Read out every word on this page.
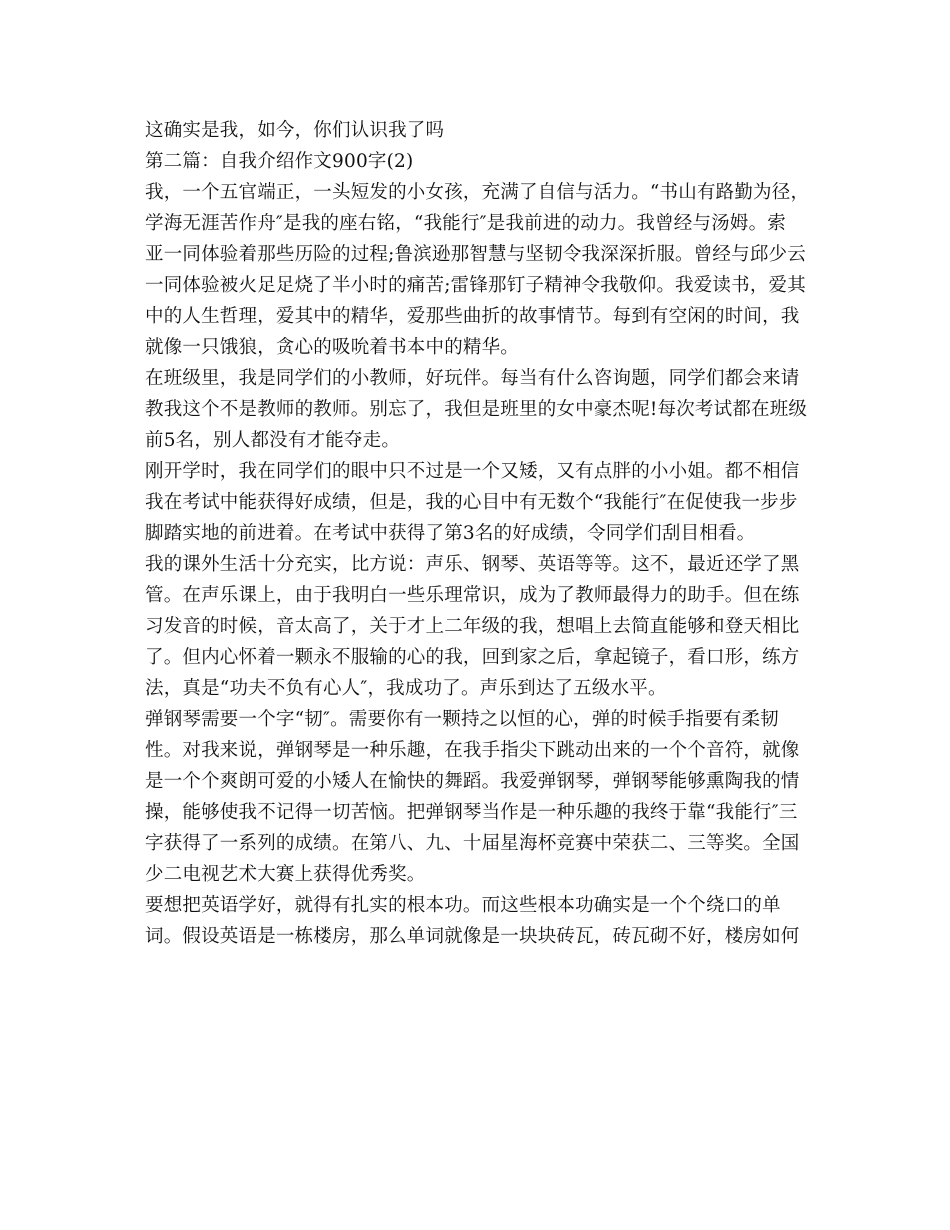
这确实是我，如今，你们认识我了吗
第二篇：自我介绍作文900字(2)
我，一个五官端正，一头短发的小女孩，充满了自信与活力。“书山有路勤为径，
学海无涯苦作舟″是我的座右铭，“我能行″是我前进的动力。我曾经与汤姆。索
亚一同体验着那些历险的过程;鲁滨逊那智慧与坚韧令我深深折服。曾经与邱少云
一同体验被火足足烧了半小时的痛苦;雷锋那钉子精神令我敬仰。我爱读书，爱其
中的人生哲理，爱其中的精华，爱那些曲折的故事情节。每到有空闲的时间，我
就像一只饿狼，贪心的吸吮着书本中的精华。
在班级里，我是同学们的小教师，好玩伴。每当有什么咨询题，同学们都会来请
教我这个不是教师的教师。别忘了，我但是班里的女中豪杰呢!每次考试都在班级
前5名，别人都没有才能夺走。
刚开学时，我在同学们的眼中只不过是一个又矮，又有点胖的小小姐。都不相信
我在考试中能获得好成绩，但是，我的心目中有无数个“我能行″在促使我一步步
脚踏实地的前进着。在考试中获得了第3名的好成绩，令同学们刮目相看。
我的课外生活十分充实，比方说：声乐、钢琴、英语等等。这不，最近还学了黑
管。在声乐课上，由于我明白一些乐理常识，成为了教师最得力的助手。但在练
习发音的时候，音太高了，关于才上二年级的我，想唱上去简直能够和登天相比
了。但内心怀着一颗永不服输的心的我，回到家之后，拿起镜子，看口形，练方
法，真是“功夫不负有心人″，我成功了。声乐到达了五级水平。
弹钢琴需要一个字“韧″。需要你有一颗持之以恒的心，弹的时候手指要有柔韧
性。对我来说，弹钢琴是一种乐趣，在我手指尖下跳动出来的一个个音符，就像
是一个个爽朗可爱的小矮人在愉快的舞蹈。我爱弹钢琴，弹钢琴能够熏陶我的情
操，能够使我不记得一切苦恼。把弹钢琴当作是一种乐趣的我终于靠“我能行″三
字获得了一系列的成绩。在第八、九、十届星海杯竞赛中荣获二、三等奖。全国
少二电视艺术大赛上获得优秀奖。
要想把英语学好，就得有扎实的根本功。而这些根本功确实是一个个绕口的单
词。假设英语是一栋楼房，那么单词就像是一块块砖瓦，砖瓦砌不好，楼房如何
